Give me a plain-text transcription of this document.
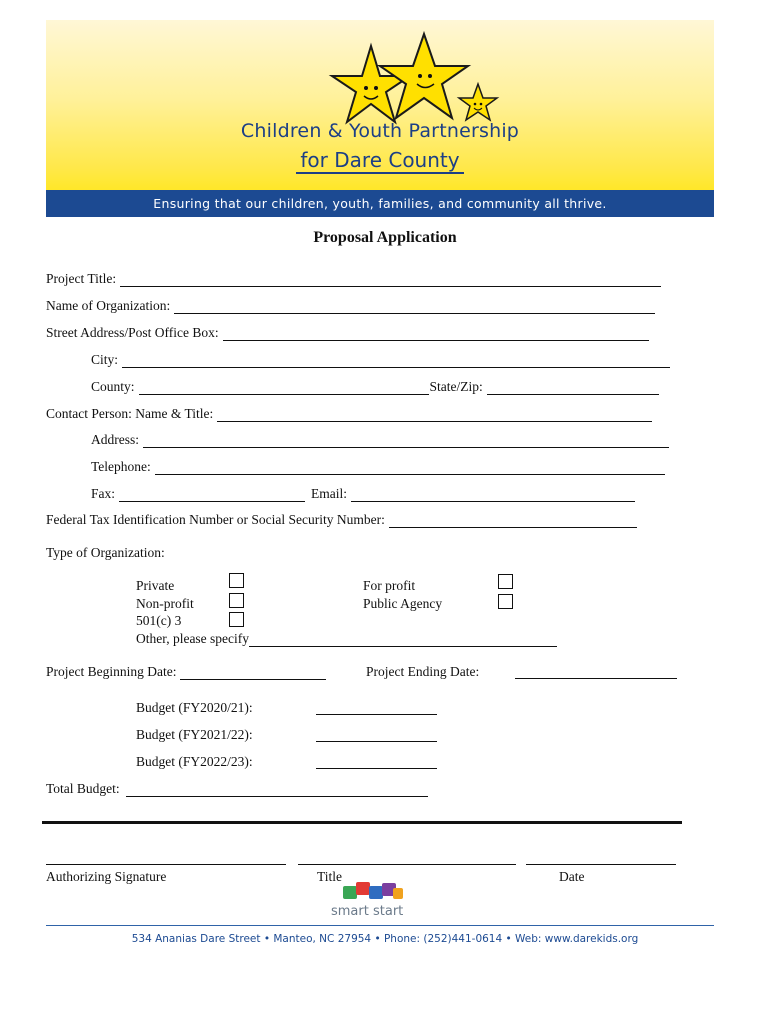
Children & Youth Partnership
for Dare County
Ensuring that our children, youth, families, and community all thrive.
Proposal Application
Project Title:
Name of Organization:
Street Address/Post Office Box:
City:
County:	State/Zip:
Contact Person: Name & Title:
Address:
Telephone:
Fax:	Email:
Federal Tax Identification Number or Social Security Number:
Type of Organization:
Private
Non-profit
501(c) 3
Other, please specify
For profit
Public Agency
Project Beginning Date:	Project Ending Date:
Budget (FY2020/21):
Budget (FY2021/22):
Budget (FY2022/23):
Total Budget:
Authorizing Signature	Title	Date
smart start
534 Ananias Dare Street • Manteo, NC 27954 • Phone: (252)441-0614 • Web: www.darekids.org
